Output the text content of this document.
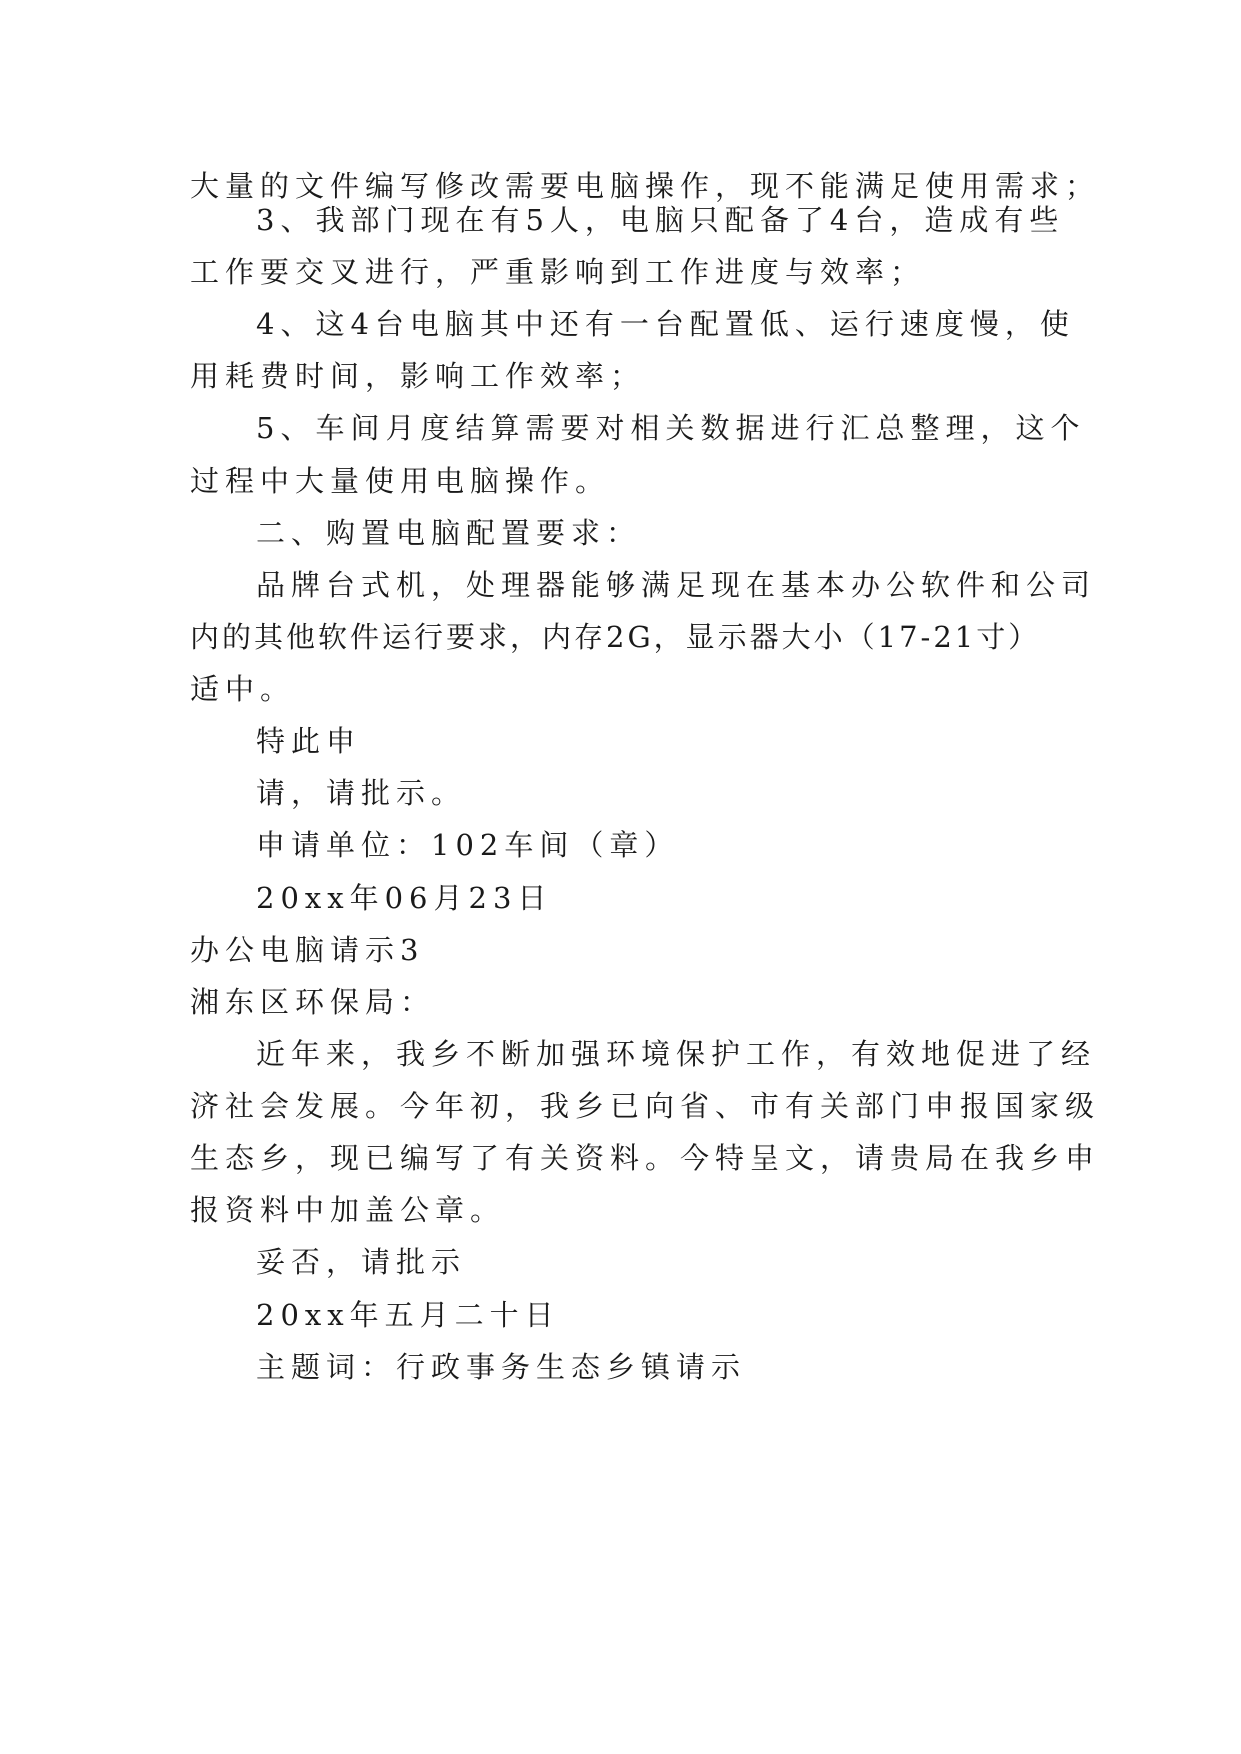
大量的文件编写修改需要电脑操作，现不能满足使用需求；
3、我部门现在有5人，电脑只配备了4台，造成有些
工作要交叉进行，严重影响到工作进度与效率；
4、这4台电脑其中还有一台配置低、运行速度慢，使
用耗费时间，影响工作效率；
5、车间月度结算需要对相关数据进行汇总整理，这个
过程中大量使用电脑操作。
二、购置电脑配置要求：
品牌台式机，处理器能够满足现在基本办公软件和公司
内的其他软件运行要求，内存2G，显示器大小（17-21寸）
适中。
特此申
请，请批示。
申请单位：102车间（章）
20xx年06月23日
办公电脑请示3
湘东区环保局：
近年来，我乡不断加强环境保护工作，有效地促进了经
济社会发展。今年初，我乡已向省、市有关部门申报国家级
生态乡，现已编写了有关资料。今特呈文，请贵局在我乡申
报资料中加盖公章。
妥否，请批示
20xx年五月二十日
主题词：行政事务生态乡镇请示
